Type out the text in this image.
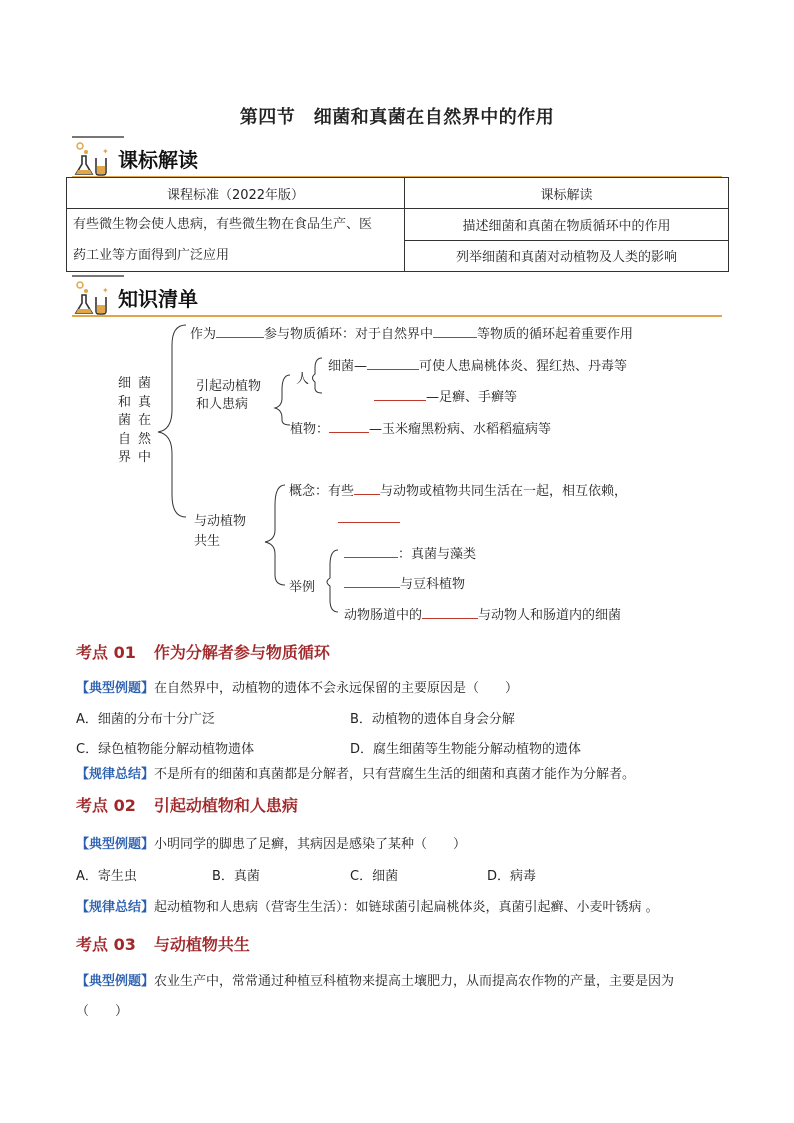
第四节　细菌和真菌在自然界中的作用
✦ 课标解读
课程标准（2022年版）	课标解读
有些微生物会使人患病，有些微生物在食品生产、医
药工业等方面得到广泛应用	描述细菌和真菌在物质循环中的作用
	列举细菌和真菌对动植物及人类的影响
✦ 知识清单
细
和
菌
自
界
菌
真
在
然
中
作为	参与物质循环：对于自然界中	等物质的循环起着重要作用
引起动植物
和人患病
人
细菌—	可使人患扁桃体炎、猩红热、丹毒等
—足癣、手癣等
植物：	—玉米瘤黑粉病、水稻稻瘟病等
与动植物
共生
概念：有些 与动物或植物共同生活在一起，相互依赖，
举例
：真菌与藻类
与豆科植物
动物肠道中的	与动物人和肠道内的细菌
考点 01 作为分解者参与物质循环
【典型例题】在自然界中，动植物的遗体不会永远保留的主要原因是（　　）
A．细菌的分布十分广泛	B．动植物的遗体自身会分解
C．绿色植物能分解动植物遗体	D．腐生细菌等生物能分解动植物的遗体
【规律总结】不是所有的细菌和真菌都是分解者，只有营腐生生活的细菌和真菌才能作为分解者。
考点 02 引起动植物和人患病
【典型例题】小明同学的脚患了足癣，其病因是感染了某种（　　）
A．寄生虫	B．真菌	C．细菌	D．病毒
【规律总结】起动植物和人患病（营寄生生活）：如链球菌引起扁桃体炎，真菌引起癣、小麦叶锈病 。
考点 03 与动植物共生
【典型例题】农业生产中，常常通过种植豆科植物来提高土壤肥力，从而提高农作物的产量，主要是因为
（　　）
